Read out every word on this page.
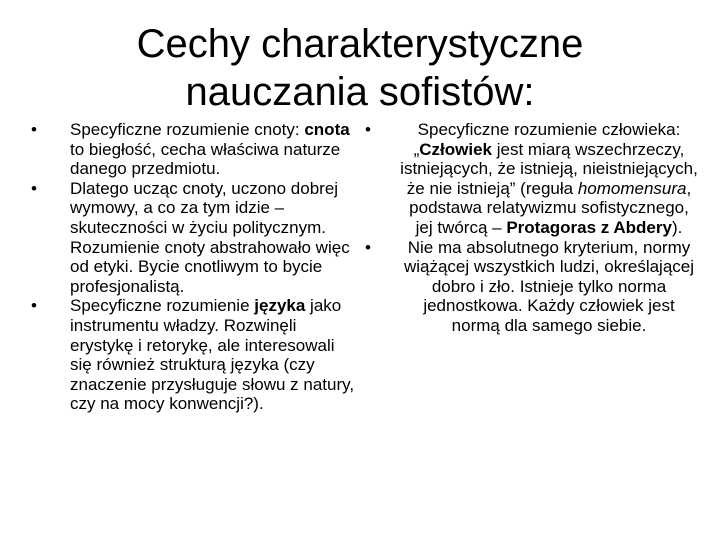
Cechy charakterystyczne
nauczania sofistów:
• Specyficzne rozumienie cnoty: cnota to biegłość, cecha właściwa naturze danego przedmiotu.
• Dlatego ucząc cnoty, uczono dobrej wymowy, a co za tym idzie – skuteczności w życiu politycznym. Rozumienie cnoty abstrahowało więc od etyki. Bycie cnotliwym to bycie profesjonalistą.
• Specyficzne rozumienie języka jako instrumentu władzy. Rozwinęli erystykę i retorykę, ale interesowali się również strukturą języka (czy znaczenie przysługuje słowu z natury, czy na mocy konwencji?).
•	Specyficzne rozumienie człowieka: „Człowiek jest miarą wszechrzeczy, istniejących, że istnieją, nieistniejących, że nie istnieją” (reguła homomensura, podstawa relatywizmu sofistycznego, jej twórcą – Protagoras z Abdery).
•	Nie ma absolutnego kryterium, normy wiążącej wszystkich ludzi, określającej dobro i zło. Istnieje tylko norma jednostkowa. Każdy człowiek jest normą dla samego siebie.
